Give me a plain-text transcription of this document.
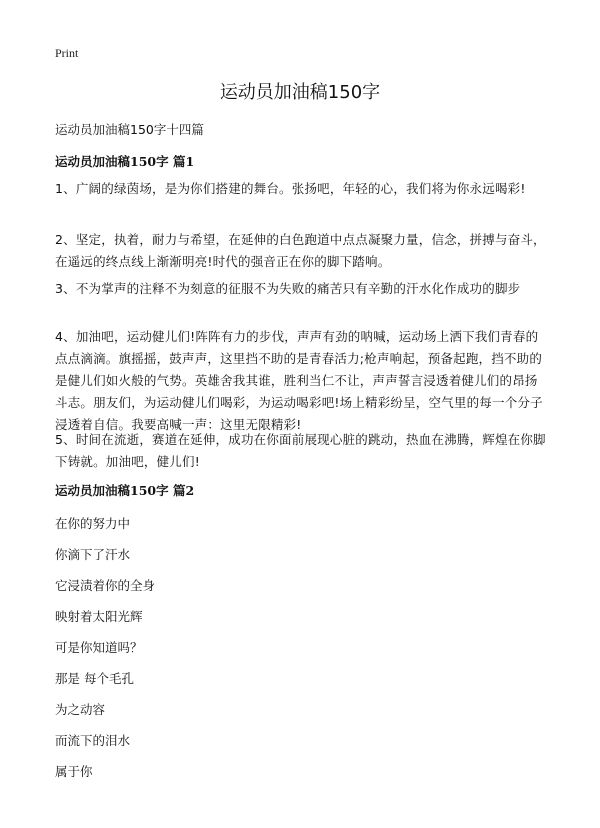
Print
运动员加油稿150字

运动员加油稿150字十四篇

运动员加油稿150字 篇1

1、广阔的绿茵场，是为你们搭建的舞台。张扬吧，年轻的心，我们将为你永远喝彩!

2、坚定，执着，耐力与希望，在延伸的白色跑道中点点凝聚力量，信念，拼搏与奋斗，在遥远的终点线上渐渐明亮!时代的强音正在你的脚下踏响。

3、不为掌声的注释不为刻意的征服不为失败的痛苦只有辛勤的汗水化作成功的脚步

4、加油吧，运动健儿们!阵阵有力的步伐，声声有劲的呐喊，运动场上洒下我们青春的点点滴滴。旗摇摇，鼓声声，这里挡不助的是青春活力;枪声响起，预备起跑，挡不助的是健儿们如火般的气势。英雄舍我其谁，胜利当仁不让，声声誓言浸透着健儿们的昂扬斗志。朋友们，为运动健儿们喝彩，为运动喝彩吧!场上精彩纷呈，空气里的每一个分子浸透着自信。我要高喊一声：这里无限精彩!

5、时间在流逝，赛道在延伸，成功在你面前展现心脏的跳动，热血在沸腾，辉煌在你脚下铸就。加油吧，健儿们!

运动员加油稿150字 篇2

在你的努力中

你滴下了汗水

它浸渍着你的全身

映射着太阳光辉

可是你知道吗？

那是 每个毛孔

为之动容

而流下的泪水

属于你
